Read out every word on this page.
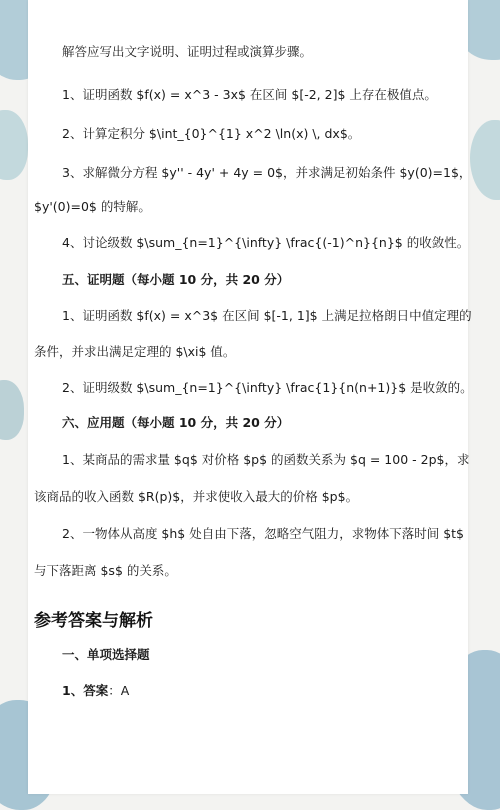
解答应写出文字说明、证明过程或演算步骤。
1、证明函数 $f(x) = x^3 - 3x$ 在区间 $[-2, 2]$ 上存在极值点。
2、计算定积分 $\int_{0}^{1} x^2 \ln(x) \, dx$。
3、求解微分方程 $y'' - 4y' + 4y = 0$，并求满足初始条件 $y(0)=1$，
$y'(0)=0$ 的特解。
4、讨论级数 $\sum_{n=1}^{\infty} \frac{(-1)^n}{n}$ 的收敛性。
五、证明题（每小题 10 分，共 20 分）
1、证明函数 $f(x) = x^3$ 在区间 $[-1, 1]$ 上满足拉格朗日中值定理的
条件，并求出满足定理的 $\xi$ 值。
2、证明级数 $\sum_{n=1}^{\infty} \frac{1}{n(n+1)}$ 是收敛的。
六、应用题（每小题 10 分，共 20 分）
1、某商品的需求量 $q$ 对价格 $p$ 的函数关系为 $q = 100 - 2p$，求
该商品的收入函数 $R(p)$，并求使收入最大的价格 $p$。
2、一物体从高度 $h$ 处自由下落，忽略空气阻力，求物体下落时间 $t$
与下落距离 $s$ 的关系。
参考答案与解析
一、单项选择题
1、答案：A
